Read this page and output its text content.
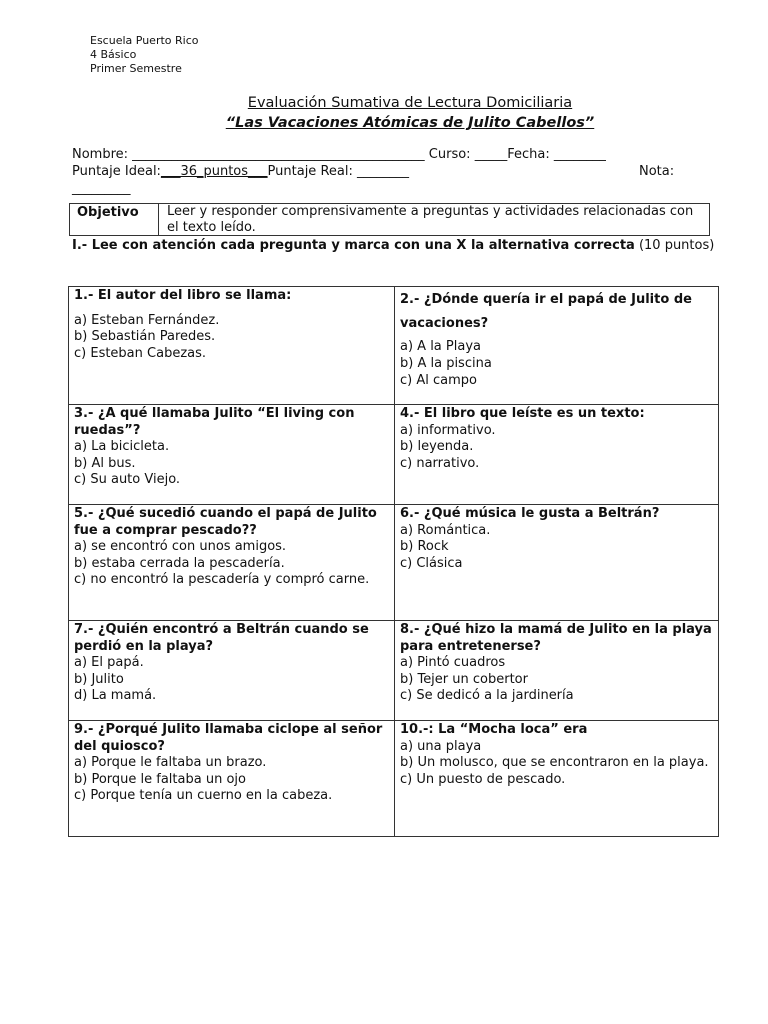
Escuela Puerto Rico
4 Básico
Primer Semestre
Evaluación Sumativa de Lectura Domiciliaria
“Las Vacaciones Atómicas de Julito Cabellos”
Nombre: _____________________________________________ Curso: _____Fecha: ________
Puntaje Ideal:___36_puntos___Puntaje Real: ________	Nota:
_________
Objetivo	Leer y responder comprensivamente a preguntas y actividades relacionadas con el texto leído.
I.- Lee con atención cada pregunta y marca con una X la alternativa correcta (10 puntos)
1.- El autor del libro se llama:
a) Esteban Fernández.
b) Sebastián Paredes.
c) Esteban Cabezas.
2.- ¿Dónde quería ir el papá de Julito de vacaciones?
a) A la Playa
b) A la piscina
c) Al campo
3.- ¿A qué llamaba Julito “El living con ruedas”?
a) La bicicleta.
b) Al bus.
c) Su auto Viejo.
4.- El libro que leíste es un texto:
a) informativo.
b) leyenda.
c) narrativo.
5.- ¿Qué sucedió cuando el papá de Julito fue a comprar pescado??
a) se encontró con unos amigos.
b) estaba cerrada la pescadería.
c) no encontró la pescadería y compró carne.
6.- ¿Qué música le gusta a Beltrán?
a) Romántica.
b) Rock
c) Clásica
7.- ¿Quién encontró a Beltrán cuando se perdió en la playa?
a) El papá.
b) Julito
d) La mamá.
8.- ¿Qué hizo la mamá de Julito en la playa para entretenerse?
a) Pintó cuadros
b) Tejer un cobertor
c) Se dedicó a la jardinería
9.- ¿Porqué Julito llamaba ciclope al señor del quiosco?
a) Porque le faltaba un brazo.
b) Porque le faltaba un ojo
c) Porque tenía un cuerno en la cabeza.
10.-: La “Mocha loca” era
a) una playa
b) Un molusco, que se encontraron en la playa.
c) Un puesto de pescado.
